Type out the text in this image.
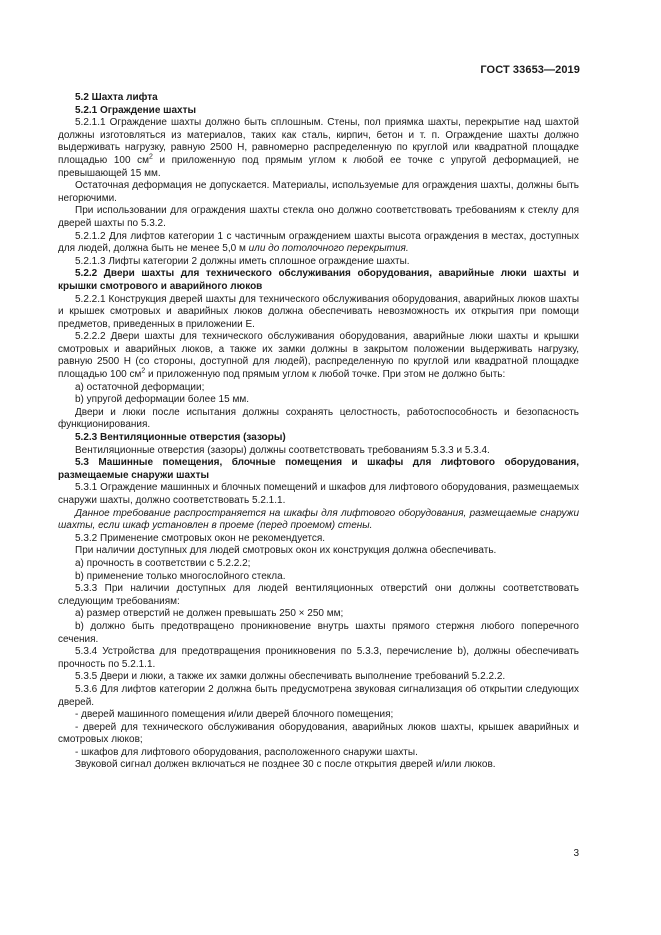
ГОСТ 33653—2019

5.2 Шахта лифта

5.2.1 Ограждение шахты

5.2.1.1 Ограждение шахты должно быть сплошным. Стены, пол приямка шахты, перекрытие над шахтой должны изготовляться из материалов, таких как сталь, кирпич, бетон и т. п. Ограждение шахты должно выдерживать нагрузку, равную 2500 Н, равномерно распределенную по круглой или квадратной площадке площадью 100 $см^2$ и приложенную под прямым углом к любой ее точке с упругой деформацией, не превышающей 15 мм.

Остаточная деформация не допускается. Материалы, используемые для ограждения шахты, должны быть негорючими.

При использовании для ограждения шахты стекла оно должно соответствовать требованиям к стеклу для дверей шахты по 5.3.2.

5.2.1.2 Для лифтов категории 1 с частичным ограждением шахты высота ограждения в местах, доступных для людей, должна быть не менее 5,0 м или до потолочного перекрытия.

5.2.1.3 Лифты категории 2 должны иметь сплошное ограждение шахты.

5.2.2 Двери шахты для технического обслуживания оборудования, аварийные люки шахты и крышки смотрового и аварийного люков

5.2.2.1 Конструкция дверей шахты для технического обслуживания оборудования, аварийных люков шахты и крышек смотровых и аварийных люков должна обеспечивать невозможность их открытия при помощи предметов, приведенных в приложении Е.

5.2.2.2 Двери шахты для технического обслуживания оборудования, аварийные люки шахты и крышки смотровых и аварийных люков, а также их замки должны в закрытом положении выдерживать нагрузку, равную 2500 Н (со стороны, доступной для людей), распределенную по круглой или квадратной площадке площадью 100 $см^2$ и приложенную под прямым углом к любой точке. При этом не должно быть:

a) остаточной деформации;

b) упругой деформации более 15 мм.

Двери и люки после испытания должны сохранять целостность, работоспособность и безопасность функционирования.

5.2.3 Вентиляционные отверстия (зазоры)

Вентиляционные отверстия (зазоры) должны соответствовать требованиям 5.3.3 и 5.3.4.

5.3 Машинные помещения, блочные помещения и шкафы для лифтового оборудования, размещаемые снаружи шахты

5.3.1 Ограждение машинных и блочных помещений и шкафов для лифтового оборудования, размещаемых снаружи шахты, должно соответствовать 5.2.1.1.

Данное требование распространяется на шкафы для лифтового оборудования, размещаемые снаружи шахты, если шкаф установлен в проеме (перед проемом) стены.

5.3.2 Применение смотровых окон не рекомендуется.

При наличии доступных для людей смотровых окон их конструкция должна обеспечивать.

a) прочность в соответствии с 5.2.2.2;

b) применение только многослойного стекла.

5.3.3 При наличии доступных для людей вентиляционных отверстий они должны соответствовать следующим требованиям:

a) размер отверстий не должен превышать 250 × 250 мм;

b) должно быть предотвращено проникновение внутрь шахты прямого стержня любого поперечного сечения.

5.3.4 Устройства для предотвращения проникновения по 5.3.3, перечисление b), должны обеспечивать прочность по 5.2.1.1.

5.3.5 Двери и люки, а также их замки должны обеспечивать выполнение требований 5.2.2.2.

5.3.6 Для лифтов категории 2 должна быть предусмотрена звуковая сигнализация об открытии следующих дверей.

- дверей машинного помещения и/или дверей блочного помещения;

- дверей для технического обслуживания оборудования, аварийных люков шахты, крышек аварийных и смотровых люков;

- шкафов для лифтового оборудования, расположенного снаружи шахты.

Звуковой сигнал должен включаться не позднее 30 с после открытия дверей и/или люков.

3
